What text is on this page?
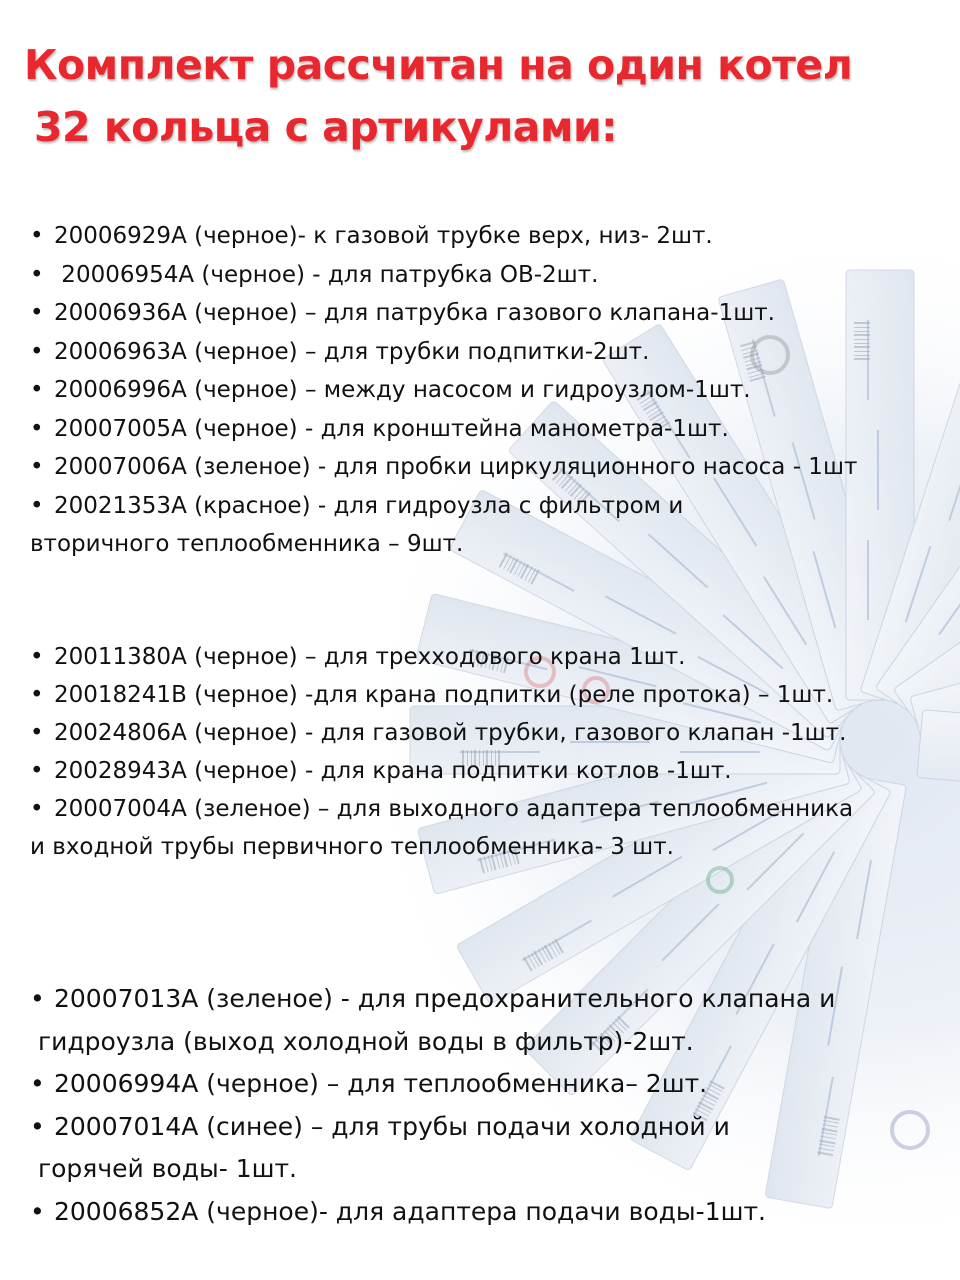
Комплект рассчитан на один котел
32 кольца с артикулами:
• 20006929A (черное)- к газовой трубке верх, низ- 2шт.
• 20006954A (черное) - для патрубка ОВ-2шт.
• 20006936A (черное) – для патрубка газового клапана-1шт.
• 20006963A (черное) – для трубки подпитки-2шт.
• 20006996A (черное) – между насосом и гидроузлом-1шт.
• 20007005A (черное) - для кронштейна манометра-1шт.
• 20007006A (зеленое) - для пробки циркуляционного насоса - 1шт
• 20021353A (красное) - для гидроузла с фильтром и
вторичного теплообменника – 9шт.
• 20011380A (черное) – для трехходового крана 1шт.
• 20018241B (черное) -для крана подпитки (реле протока) – 1шт.
• 20024806A (черное) - для газовой трубки, газового клапан -1шт.
• 20028943A (черное) - для крана подпитки котлов -1шт.
• 20007004A (зеленое) – для выходного адаптера теплообменника
и входной трубы первичного теплообменника- 3 шт.
• 20007013A (зеленое) - для предохранительного клапана и
гидроузла (выход холодной воды в фильтр)-2шт.
• 20006994A (черное) – для теплообменника– 2шт.
• 20007014A (синее) – для трубы подачи холодной и
горячей воды- 1шт.
• 20006852A (черное)- для адаптера подачи воды-1шт.
